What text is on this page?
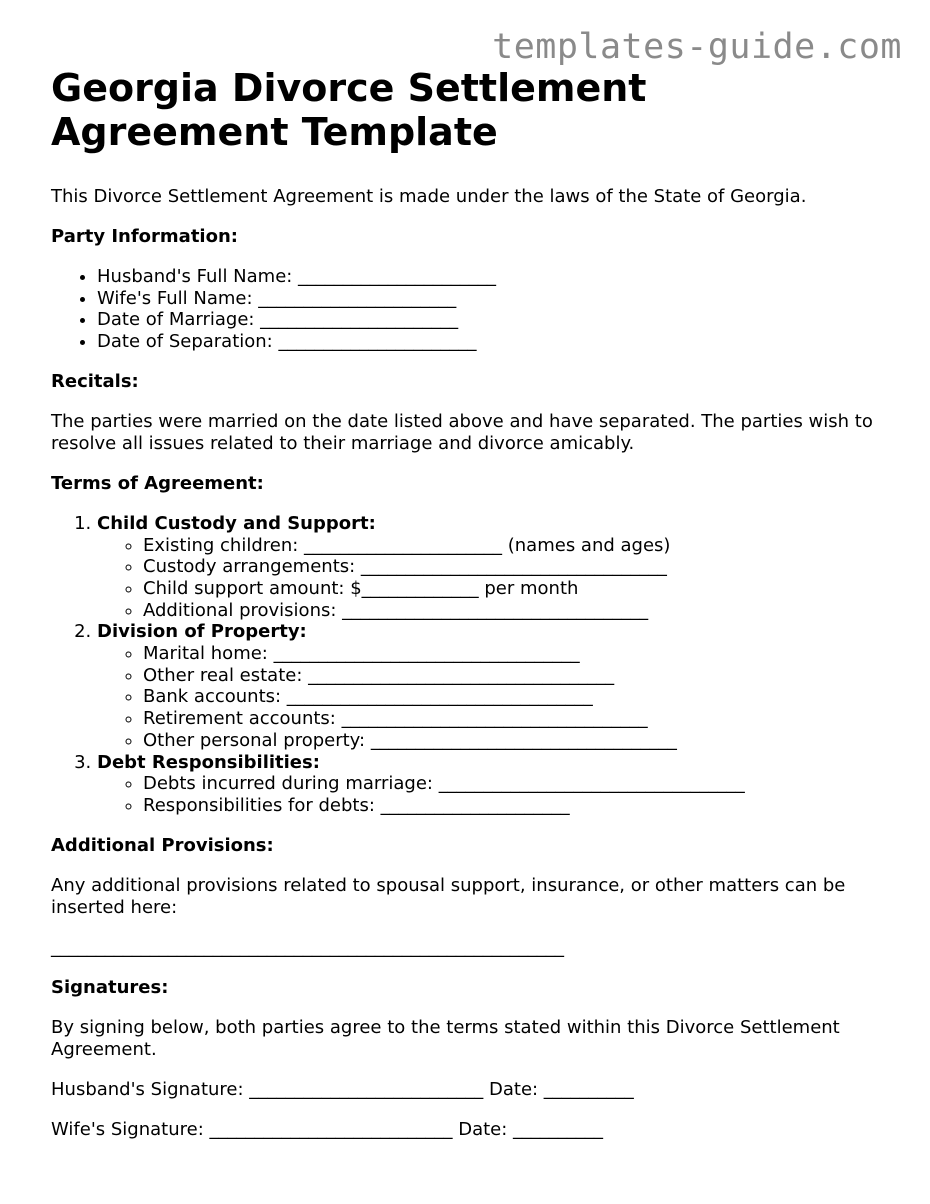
templates-guide.com
Georgia Divorce Settlement Agreement Template

This Divorce Settlement Agreement is made under the laws of the State of Georgia.

Party Information:

• Husband's Full Name: ______________________
• Wife's Full Name: ______________________
• Date of Marriage: ______________________
• Date of Separation: ______________________

Recitals:

The parties were married on the date listed above and have separated. The parties wish to resolve all issues related to their marriage and divorce amicably.

Terms of Agreement:

1. Child Custody and Support:
◦ Existing children: ______________________ (names and ages)
◦ Custody arrangements: __________________________________
◦ Child support amount: $_____________ per month
◦ Additional provisions: __________________________________
2. Division of Property:
◦ Marital home: __________________________________
◦ Other real estate: __________________________________
◦ Bank accounts: __________________________________
◦ Retirement accounts: __________________________________
◦ Other personal property: __________________________________
3. Debt Responsibilities:
◦ Debts incurred during marriage: __________________________________
◦ Responsibilities for debts: _____________________

Additional Provisions:

Any additional provisions related to spousal support, insurance, or other matters can be inserted here:

_________________________________________________________

Signatures:

By signing below, both parties agree to the terms stated within this Divorce Settlement Agreement.

Husband's Signature: __________________________ Date: __________

Wife's Signature: ___________________________ Date: __________
